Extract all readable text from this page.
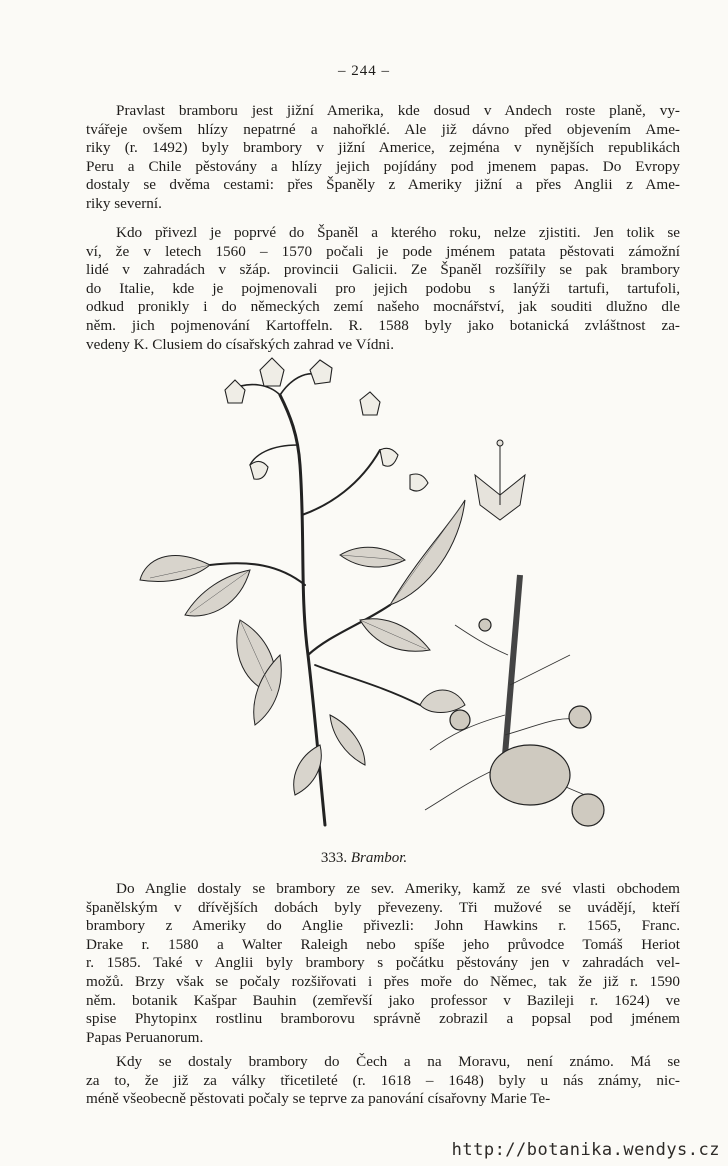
– 244 –
Pravlast bramboru jest jižní Amerika, kde dosud v Andech roste planě, vy-
tvářeje ovšem hlízy nepatrné a nahořklé. Ale již dávno před objevením Ame-
riky (r. 1492) byly brambory v jižní Americe, zejména v nynějších republikách
Peru a Chile pěstovány a hlízy jejich pojídány pod jmenem papas. Do Evropy
dostaly se dvěma cestami: přes Španěly z Ameriky jižní a přes Anglii z Ame-
riky severní.
Kdo přivezl je poprvé do Španěl a kterého roku, nelze zjistiti. Jen tolik se
ví, že v letech 1560 – 1570 počali je pode jménem patata pěstovati zámožní
lidé v zahradách v sz̆áp. provincii Galicii. Ze Španěl rozšířily se pak brambory
do Italie, kde je pojmenovali pro jejich podobu s lanýži tartufi, tartufoli,
odkud pronikly i do německých zemí našeho mocnářství, jak souditi dlužno dle
něm. jich pojmenování Kartoffeln. R. 1588 byly jako botanická zvláštnost za-
vedeny K. Clusiem do císařských zahrad ve Vídni.
333. Brambor.
Do Anglie dostaly se brambory ze sev. Ameriky, kamž ze své vlasti obchodem
španělským v dřívějších dobách byly převezeny. Tři mužové se uvádějí, kteří
brambory z Ameriky do Anglie přivezli: John Hawkins r. 1565, Franc.
Drake r. 1580 a Walter Raleigh nebo spíše jeho průvodce Tomáš Heriot
r. 1585. Také v Anglii byly brambory s počátku pěstovány jen v zahradách vel-
možů. Brzy však se počaly rozšiřovati i přes moře do Němec, tak že již r. 1590
něm. botanik Kašpar Bauhin (zemřevší jako professor v Bazileji r. 1624) ve
spise Phytopinx rostlinu bramborovu správně zobrazil a popsal pod jménem
Papas Peruanorum.
Kdy se dostaly brambory do Čech a na Moravu, není známo. Má se
za to, že již za války třicetileté (r. 1618 – 1648) byly u nás známy, nic-
méně všeobecně pěstovati počaly se teprve za panování císařovny Marie Te-
http://botanika.wendys.cz
